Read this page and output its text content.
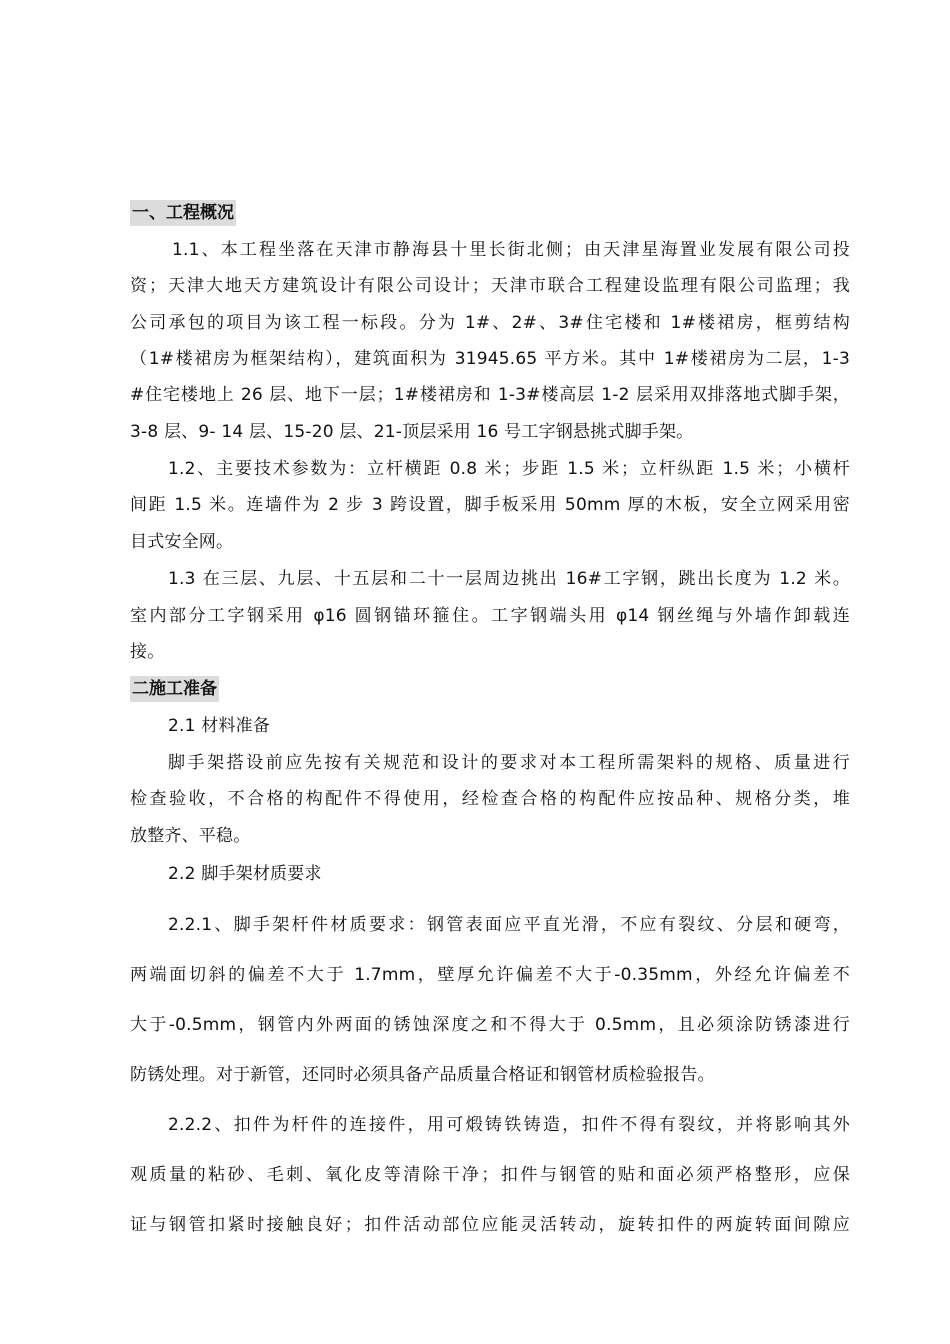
一、工程概况
1.1、本工程坐落在天津市静海县十里长街北侧；由天津星海置业发展有限公司投
资；天津大地天方建筑设计有限公司设计；天津市联合工程建设监理有限公司监理；我
公司承包的项目为该工程一标段。分为 1#、2#、3#住宅楼和 1#楼裙房，框剪结构
（1#楼裙房为框架结构），建筑面积为 31945.65 平方米。其中 1#楼裙房为二层，1-3
#住宅楼地上 26 层、地下一层；1#楼裙房和 1-3#楼高层 1-2 层采用双排落地式脚手架，
3-8 层、9- 14 层、15-20 层、21-顶层采用 16 号工字钢悬挑式脚手架。
1.2、主要技术参数为：立杆横距 0.8 米；步距 1.5 米；立杆纵距 1.5 米；小横杆
间距 1.5 米。连墙件为 2 步 3 跨设置，脚手板采用 50mm 厚的木板，安全立网采用密
目式安全网。
1.3 在三层、九层、十五层和二十一层周边挑出 16#工字钢，跳出长度为 1.2 米。
室内部分工字钢采用 φ16 圆钢锚环箍住。工字钢端头用 φ14 钢丝绳与外墙作卸载连
接。
二施工准备
2.1 材料准备
脚手架搭设前应先按有关规范和设计的要求对本工程所需架料的规格、质量进行
检查验收，不合格的构配件不得使用，经检查合格的构配件应按品种、规格分类，堆
放整齐、平稳。
2.2 脚手架材质要求
2.2.1、脚手架杆件材质要求：钢管表面应平直光滑，不应有裂纹、分层和硬弯，
两端面切斜的偏差不大于 1.7mm，壁厚允许偏差不大于-0.35mm，外经允许偏差不
大于-0.5mm，钢管内外两面的锈蚀深度之和不得大于 0.5mm，且必须涂防锈漆进行
防锈处理。对于新管，还同时必须具备产品质量合格证和钢管材质检验报告。
2.2.2、扣件为杆件的连接件，用可煅铸铁铸造，扣件不得有裂纹，并将影响其外
观质量的粘砂、毛刺、氧化皮等清除干净；扣件与钢管的贴和面必须严格整形，应保
证与钢管扣紧时接触良好；扣件活动部位应能灵活转动，旋转扣件的两旋转面间隙应
